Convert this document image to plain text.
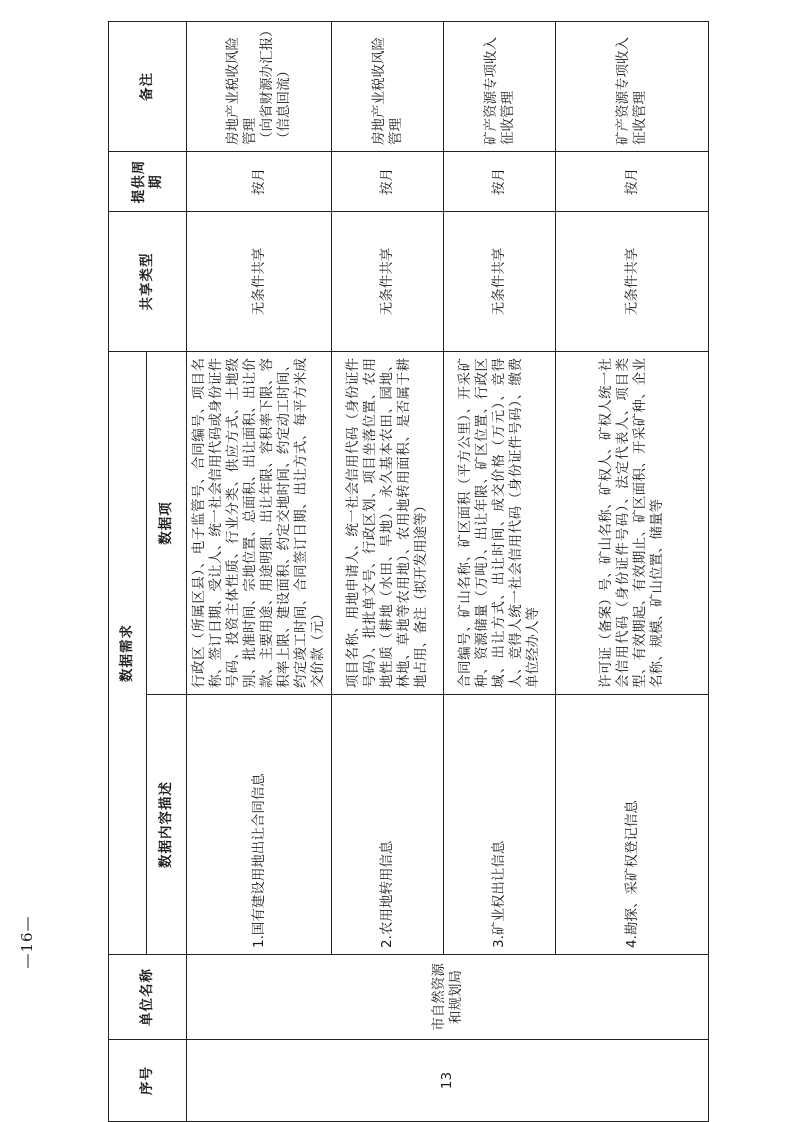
序号	单位名称	数据需求		共享类型	提供周期	备注
		数据内容描述	数据项			
13	市自然资源和规划局	1.国有建设用地出让合同信息	行政区（所属区县）、电子监管号、合同编号、项目名称、签订日期、受让人、统一社会信用代码或身份证件号码、投资主体性质、行业分类、供应方式、土地级别、批准时间、宗地位置、总面积、出让面积、出让价款、主要用途、用途明细、出让年限、容积率下限、容积率上限、建设面积、约定交地时间、约定动工时间、约定竣工时间、合同签订日期、出让方式、每平方米成交价款（元）	无条件共享	按月	房地产业税收风险管理 （向省财源办汇报） （信息回流）

		2.农用地转用信息	项目名称、用地申请人、统一社会信用代码（身份证件号码）、批批单文号、行政区划、项目坐落位置、农用地性质（耕地（水田、旱地）、永久基本农田、园地、林地、草地等农用地）、农用地转用面积、是否属于耕地占用、备注（拟开发用途等）	无条件共享	按月	房地产业税收风险管理

		3.矿业权出让信息	合同编号、矿山名称、矿区面积（平方公里）、开采矿种、资源储量（万吨）、出让年限、矿区位置、行政区域、出让方式、出让时间、成交价格（万元）、竞得人、竞得人统一社会信用代码（身份证件号码）、缴费单位经办人等	无条件共享	按月	矿产资源专项收入征收管理

		4.勘探、采矿权登记信息	许可证（备案）号、矿山名称、矿权人、矿权人统一社会信用代码（身份证件号码）、法定代表人、项目类型、有效期起、有效期止、矿区面积、开采矿种、企业名称、规模、矿山位置、储量等	无条件共享	按月	矿产资源专项收入征收管理
—16—
